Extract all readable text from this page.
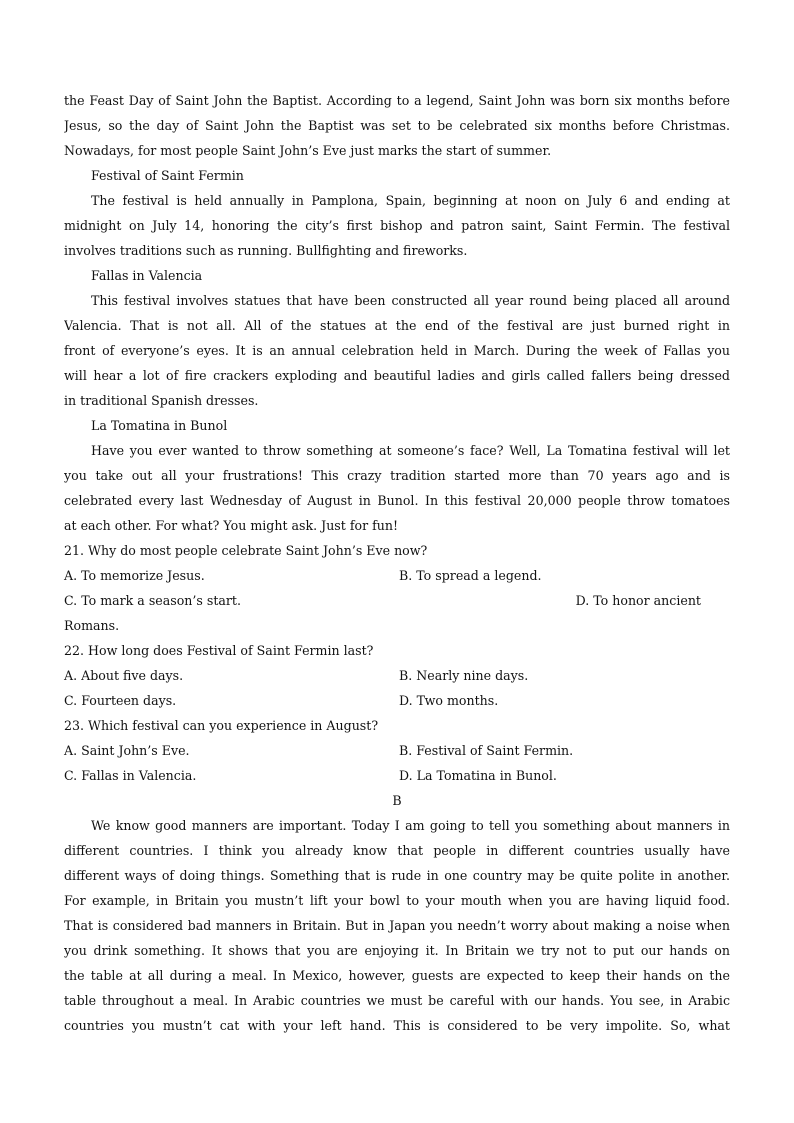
the Feast Day of Saint John the Baptist. According to a legend, Saint John was born six months before
Jesus, so the day of Saint John the Baptist was set to be celebrated six months before Christmas.
Nowadays, for most people Saint John’s Eve just marks the start of summer.
Festival of Saint Fermin
The festival is held annually in Pamplona, Spain, beginning at noon on July 6 and ending at
midnight on July 14, honoring the city’s first bishop and patron saint, Saint Fermin. The festival
involves traditions such as running. Bullfighting and fireworks.
Fallas in Valencia
This festival involves statues that have been constructed all year round being placed all around
Valencia. That is not all. All of the statues at the end of the festival are just burned right in
front of everyone’s eyes. It is an annual celebration held in March. During the week of Fallas you
will hear a lot of fire crackers exploding and beautiful ladies and girls called fallers being dressed
in traditional Spanish dresses.
La Tomatina in Bunol
Have you ever wanted to throw something at someone’s face? Well, La Tomatina festival will let
you take out all your frustrations! This crazy tradition started more than 70 years ago and is
celebrated every last Wednesday of August in Bunol. In this festival 20,000 people throw tomatoes
at each other. For what? You might ask. Just for fun!
21. Why do most people celebrate Saint John’s Eve now?
A. To memorize Jesus.	B. To spread a legend.
C. To mark a season’s start.	D. To honor ancient
Romans.
22. How long does Festival of Saint Fermin last?
A. About five days.	B. Nearly nine days.
C. Fourteen days.	D. Two months.
23. Which festival can you experience in August?
A. Saint John’s Eve.	B. Festival of Saint Fermin.
C. Fallas in Valencia.	D. La Tomatina in Bunol.
B
We know good manners are important. Today I am going to tell you something about manners in
different countries. I think you already know that people in different countries usually have
different ways of doing things. Something that is rude in one country may be quite polite in another.
For example, in Britain you mustn’t lift your bowl to your mouth when you are having liquid food.
That is considered bad manners in Britain. But in Japan you needn’t worry about making a noise when
you drink something. It shows that you are enjoying it. In Britain we try not to put our hands on
the table at all during a meal. In Mexico, however, guests are expected to keep their hands on the
table throughout a meal. In Arabic countries we must be careful with our hands. You see, in Arabic
countries you mustn’t cat with your left hand. This is considered to be very impolite. So, what
